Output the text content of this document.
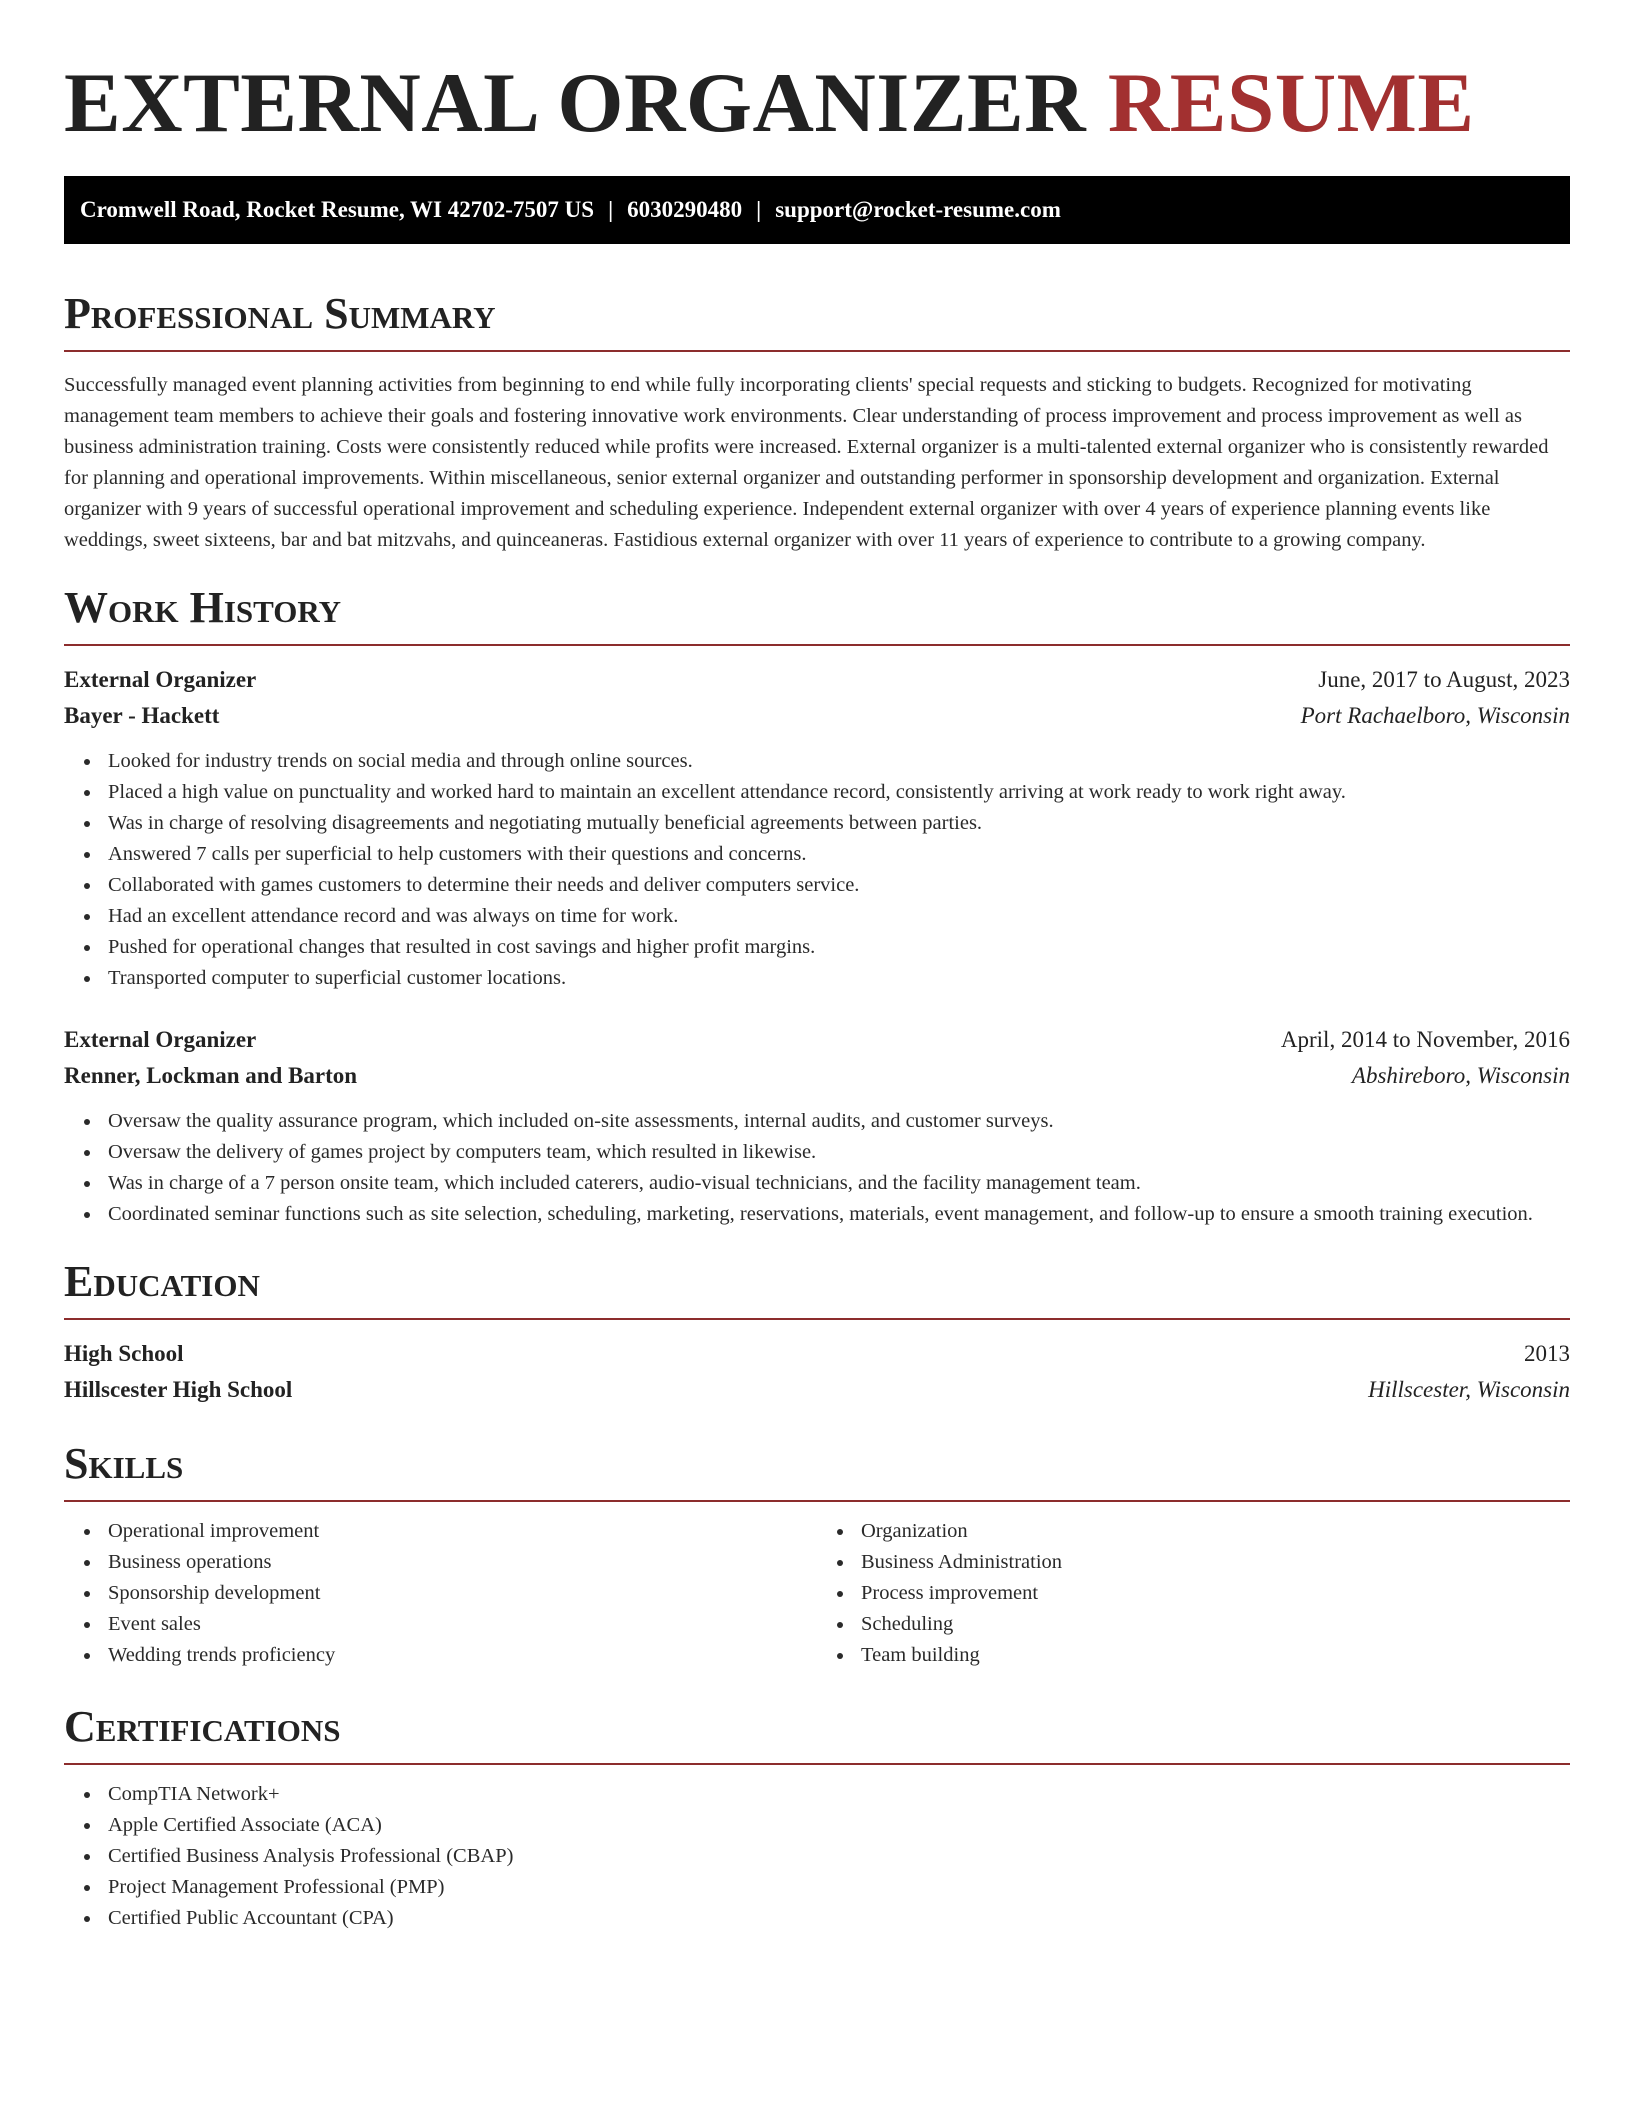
EXTERNAL ORGANIZER RESUME
Cromwell Road, Rocket Resume, WI 42702-7507 US | 6030290480 | support@rocket-resume.com
Professional Summary

Successfully managed event planning activities from beginning to end while fully incorporating clients' special requests and sticking to budgets. Recognized for motivating management team members to achieve their goals and fostering innovative work environments. Clear understanding of process improvement and process improvement as well as business administration training. Costs were consistently reduced while profits were increased. External organizer is a multi-talented external organizer who is consistently rewarded for planning and operational improvements. Within miscellaneous, senior external organizer and outstanding performer in sponsorship development and organization. External organizer with 9 years of successful operational improvement and scheduling experience. Independent external organizer with over 4 years of experience planning events like weddings, sweet sixteens, bar and bat mitzvahs, and quinceaneras. Fastidious external organizer with over 11 years of experience to contribute to a growing company.

Work History
External Organizer	June, 2017 to August, 2023
Bayer - Hackett	Port Rachaelboro, Wisconsin
Looked for industry trends on social media and through online sources.
Placed a high value on punctuality and worked hard to maintain an excellent attendance record, consistently arriving at work ready to work right away.
Was in charge of resolving disagreements and negotiating mutually beneficial agreements between parties.
Answered 7 calls per superficial to help customers with their questions and concerns.
Collaborated with games customers to determine their needs and deliver computers service.
Had an excellent attendance record and was always on time for work.
Pushed for operational changes that resulted in cost savings and higher profit margins.
Transported computer to superficial customer locations.
External Organizer	April, 2014 to November, 2016
Renner, Lockman and Barton	Abshireboro, Wisconsin
Oversaw the quality assurance program, which included on-site assessments, internal audits, and customer surveys.
Oversaw the delivery of games project by computers team, which resulted in likewise.
Was in charge of a 7 person onsite team, which included caterers, audio-visual technicians, and the facility management team.
Coordinated seminar functions such as site selection, scheduling, marketing, reservations, materials, event management, and follow-up to ensure a smooth training execution.
Education
High School	2013
Hillscester High School	Hillscester, Wisconsin
Skills
Operational improvement
Business operations
Sponsorship development
Event sales
Wedding trends proficiency
Organization
Business Administration
Process improvement
Scheduling
Team building
Certifications
CompTIA Network+
Apple Certified Associate (ACA)
Certified Business Analysis Professional (CBAP)
Project Management Professional (PMP)
Certified Public Accountant (CPA)
